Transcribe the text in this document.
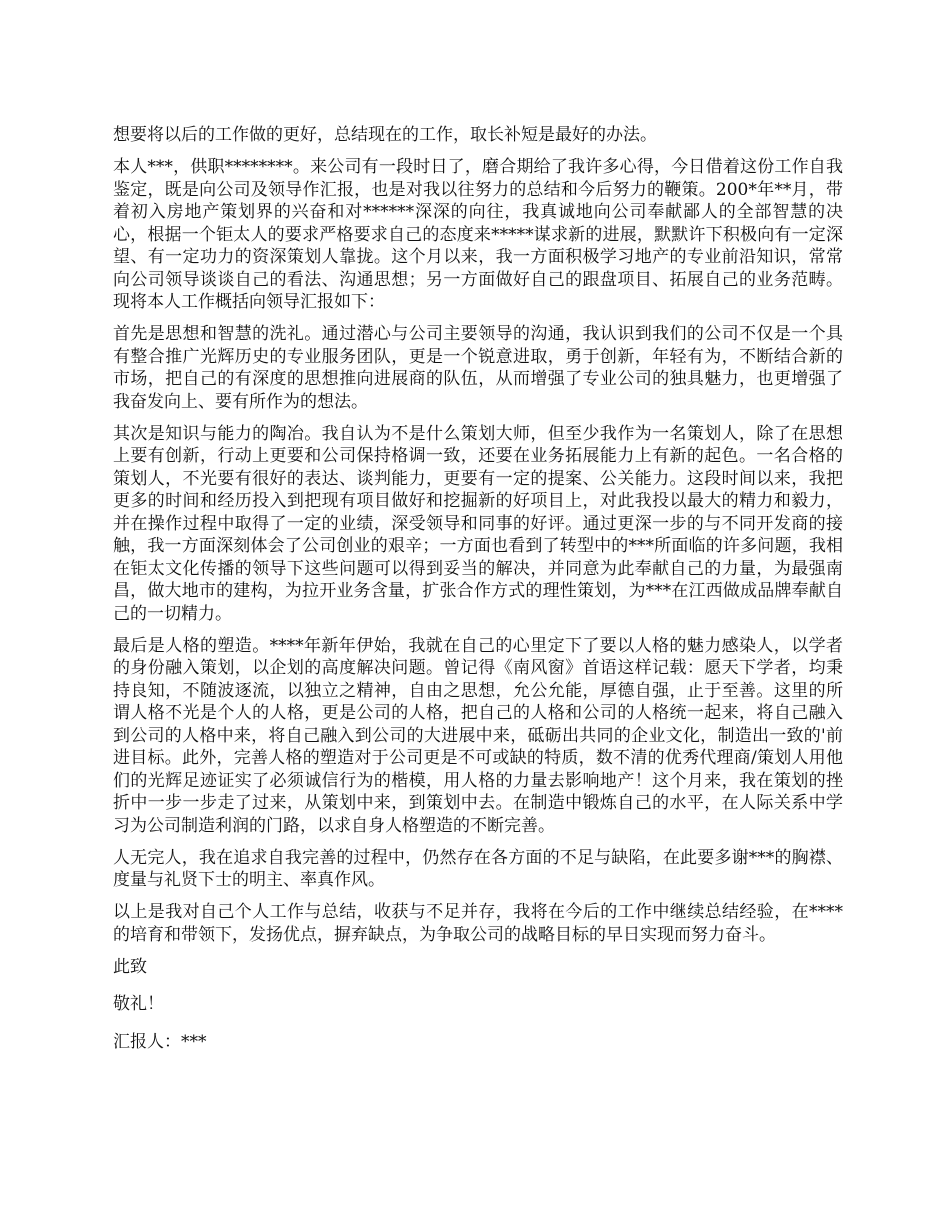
想要将以后的工作做的更好，总结现在的工作，取长补短是最好的办法。

本人***，供职********。来公司有一段时日了，磨合期给了我许多心得，今日借着这份工作自我鉴定，既是向公司及领导作汇报，也是对我以往努力的总结和今后努力的鞭策。200*年**月，带着初入房地产策划界的兴奋和对******深深的向往，我真诚地向公司奉献鄙人的全部智慧的决心，根据一个钜太人的要求严格要求自己的态度来*****谋求新的进展，默默许下积极向有一定深望、有一定功力的资深策划人靠拢。这个月以来，我一方面积极学习地产的专业前沿知识，常常向公司领导谈谈自己的看法、沟通思想；另一方面做好自己的跟盘项目、拓展自己的业务范畴。现将本人工作概括向领导汇报如下：

首先是思想和智慧的洗礼。通过潜心与公司主要领导的沟通，我认识到我们的公司不仅是一个具有整合推广光辉历史的专业服务团队，更是一个锐意进取，勇于创新，年轻有为，不断结合新的市场，把自己的有深度的思想推向进展商的队伍，从而增强了专业公司的独具魅力，也更增强了我奋发向上、要有所作为的想法。

其次是知识与能力的陶冶。我自认为不是什么策划大师，但至少我作为一名策划人，除了在思想上要有创新，行动上更要和公司保持格调一致，还要在业务拓展能力上有新的起色。一名合格的策划人，不光要有很好的表达、谈判能力，更要有一定的提案、公关能力。这段时间以来，我把更多的时间和经历投入到把现有项目做好和挖掘新的好项目上，对此我投以最大的精力和毅力，并在操作过程中取得了一定的业绩，深受领导和同事的好评。通过更深一步的与不同开发商的接触，我一方面深刻体会了公司创业的艰辛；一方面也看到了转型中的***所面临的许多问题，我相在钜太文化传播的领导下这些问题可以得到妥当的解决，并同意为此奉献自己的力量，为最强南昌，做大地市的建构，为拉开业务含量，扩张合作方式的理性策划，为***在江西做成品牌奉献自己的一切精力。

最后是人格的塑造。****年新年伊始，我就在自己的心里定下了要以人格的魅力感染人，以学者的身份融入策划，以企划的高度解决问题。曾记得《南风窗》首语这样记载：愿天下学者，均秉持良知，不随波逐流，以独立之精神，自由之思想，允公允能，厚德自强，止于至善。这里的所谓人格不光是个人的人格，更是公司的人格，把自己的人格和公司的人格统一起来，将自己融入到公司的人格中来，将自己融入到公司的大进展中来，砥砺出共同的企业文化，制造出一致的'前进目标。此外，完善人格的塑造对于公司更是不可或缺的特质，数不清的优秀代理商/策划人用他们的光辉足迹证实了必须诚信行为的楷模，用人格的力量去影响地产！这个月来，我在策划的挫折中一步一步走了过来，从策划中来，到策划中去。在制造中锻炼自己的水平，在人际关系中学习为公司制造利润的门路，以求自身人格塑造的不断完善。

人无完人，我在追求自我完善的过程中，仍然存在各方面的不足与缺陷，在此要多谢***的胸襟、度量与礼贤下士的明主、率真作风。

以上是我对自己个人工作与总结，收获与不足并存，我将在今后的工作中继续总结经验，在****的培育和带领下，发扬优点，摒弃缺点，为争取公司的战略目标的早日实现而努力奋斗。

此致

敬礼！

汇报人：***
